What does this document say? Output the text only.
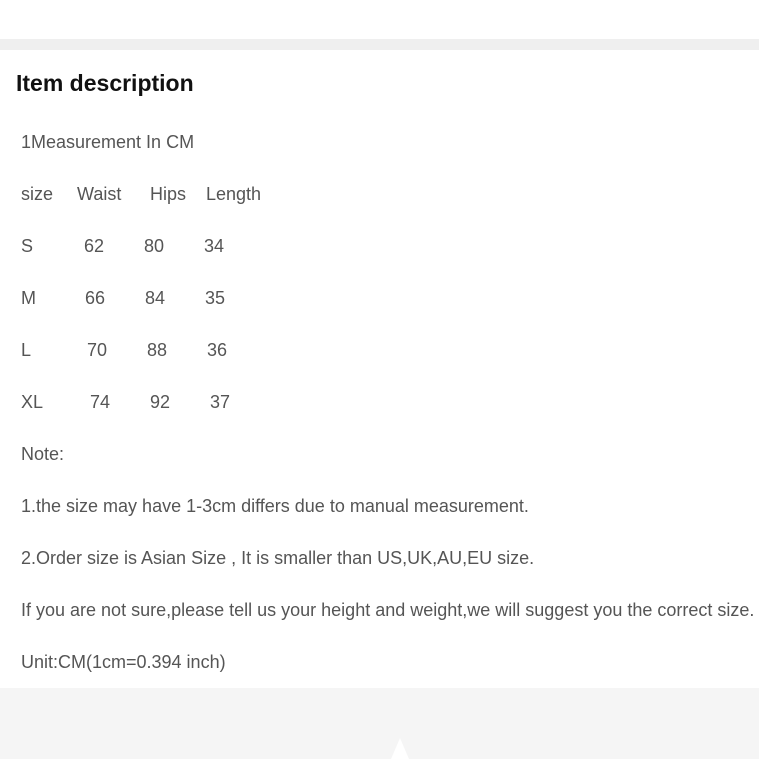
Item description
1Measurement In CM
size Waist Hips Length
S	62 80 34
M	66 84 35
L	70 88 36
XL	74 92 37
Note:
1.the size may have 1-3cm differs due to manual measurement.
2.Order size is Asian Size , It is smaller than US,UK,AU,EU size.
If you are not sure,please tell us your height and weight,we will suggest you the correct size.
Unit:CM(1cm=0.394 inch)
